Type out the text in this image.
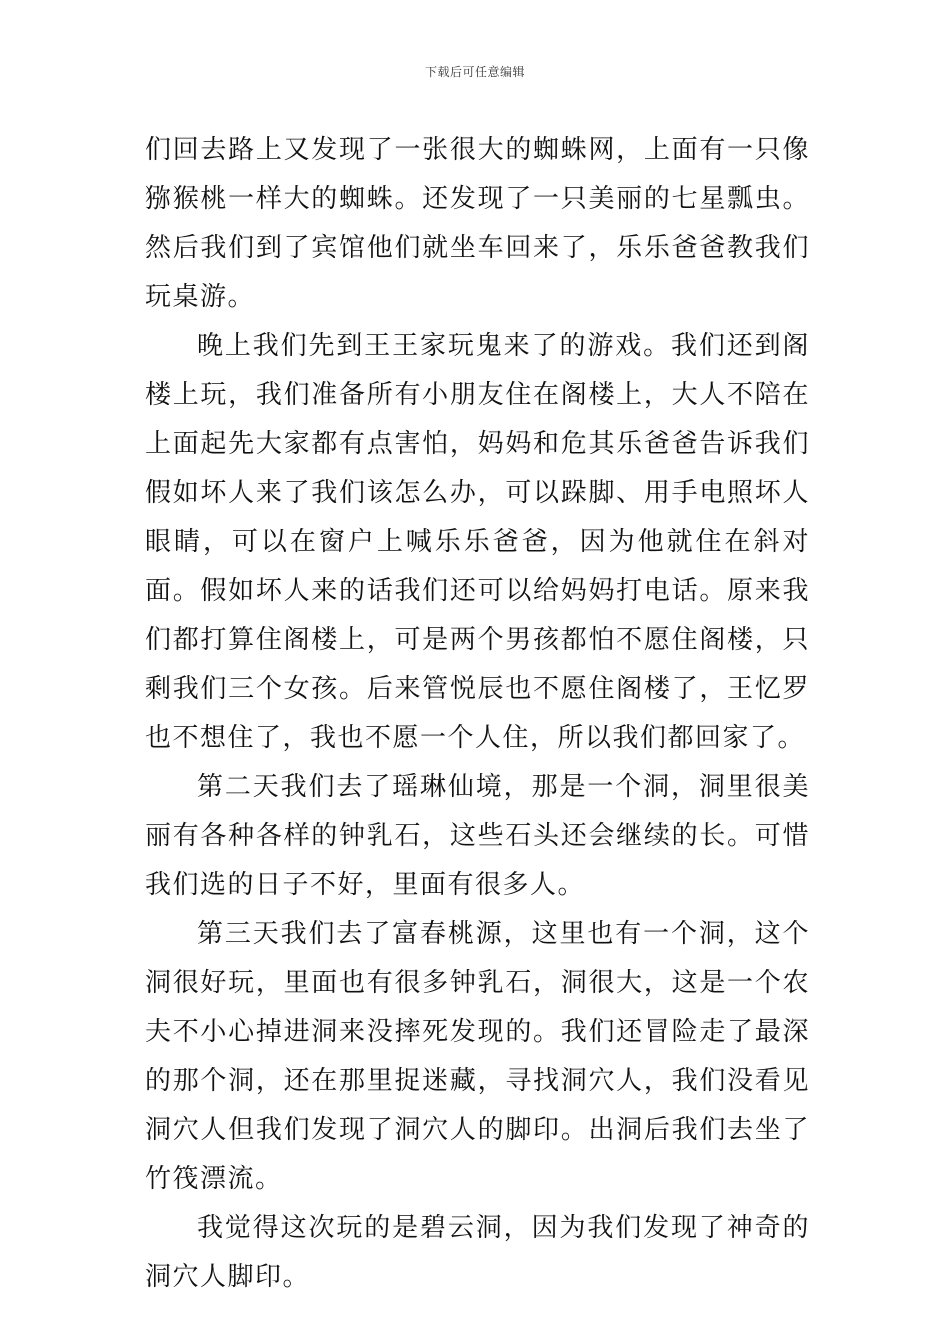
下载后可任意编辑

们回去路上又发现了一张很大的蜘蛛网，上面有一只像猕猴桃一样大的蜘蛛。还发现了一只美丽的七星瓢虫。然后我们到了宾馆他们就坐车回来了，乐乐爸爸教我们玩桌游。

晚上我们先到王王家玩鬼来了的游戏。我们还到阁楼上玩，我们准备所有小朋友住在阁楼上，大人不陪在上面起先大家都有点害怕，妈妈和危其乐爸爸告诉我们假如坏人来了我们该怎么办，可以跺脚、用手电照坏人眼睛，可以在窗户上喊乐乐爸爸，因为他就住在斜对面。假如坏人来的话我们还可以给妈妈打电话。原来我们都打算住阁楼上，可是两个男孩都怕不愿住阁楼，只剩我们三个女孩。后来管悦辰也不愿住阁楼了，王忆罗也不想住了，我也不愿一个人住，所以我们都回家了。

第二天我们去了瑶琳仙境，那是一个洞，洞里很美丽有各种各样的钟乳石，这些石头还会继续的长。可惜我们选的日子不好，里面有很多人。

第三天我们去了富春桃源，这里也有一个洞，这个洞很好玩，里面也有很多钟乳石，洞很大，这是一个农夫不小心掉进洞来没摔死发现的。我们还冒险走了最深的那个洞，还在那里捉迷藏，寻找洞穴人，我们没看见洞穴人但我们发现了洞穴人的脚印。出洞后我们去坐了竹筏漂流。

我觉得这次玩的是碧云洞，因为我们发现了神奇的洞穴人脚印。
